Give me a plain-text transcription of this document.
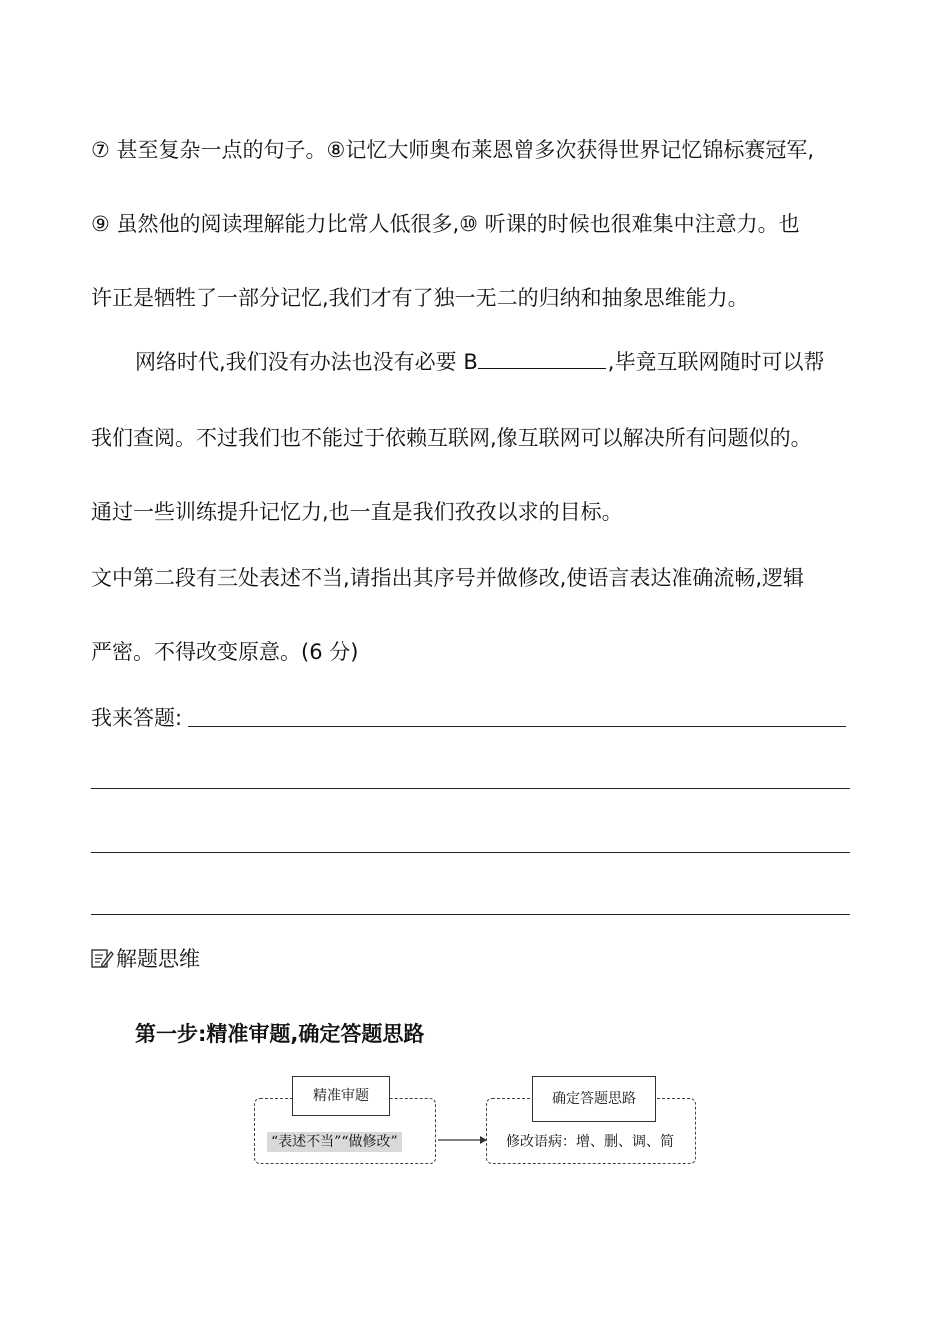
⑦ 甚至复杂一点的句子。⑧记忆大师奥布莱恩曾多次获得世界记忆锦标赛冠军,
⑨ 虽然他的阅读理解能力比常人低很多,⑩ 听课的时候也很难集中注意力。也
许正是牺牲了一部分记忆,我们才有了独一无二的归纳和抽象思维能力。
网络时代,我们没有办法也没有必要 B	,毕竟互联网随时可以帮
我们查阅。不过我们也不能过于依赖互联网,像互联网可以解决所有问题似的。
通过一些训练提升记忆力,也一直是我们孜孜以求的目标。
文中第二段有三处表述不当,请指出其序号并做修改,使语言表达准确流畅,逻辑
严密。不得改变原意。(6 分)
我来答题:
解题思维
第一步:精准审题,确定答题思路
精准审题
“表述不当”“做修改”
确定答题思路
修改语病：增、删、调、简
